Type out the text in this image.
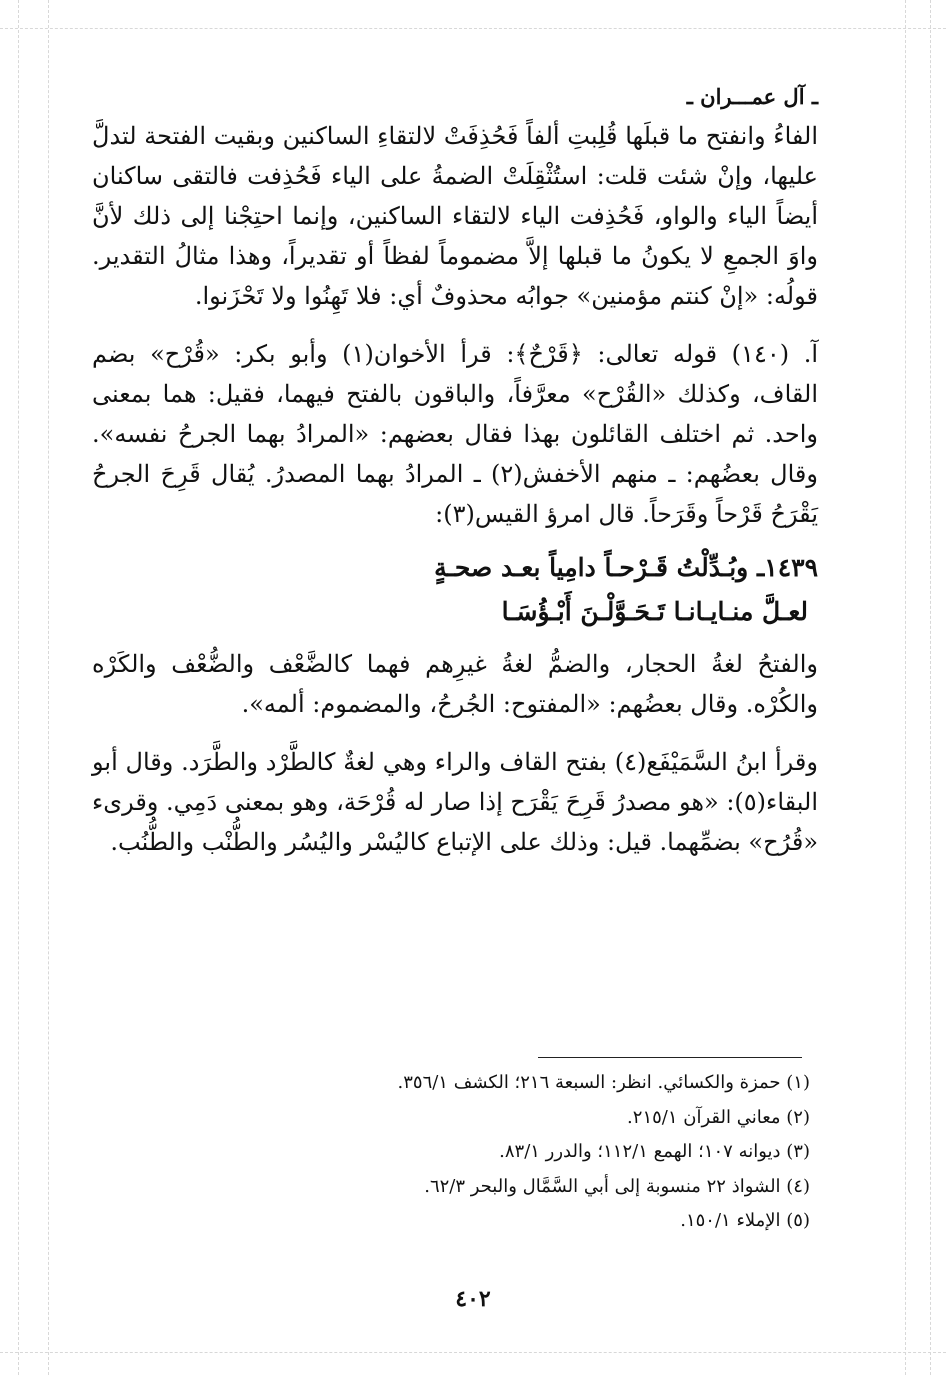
ـ آل عمـــران ـ

الفاءُ وانفتح ما قبلَها قُلِبتِ ألفاً فَحُذِفَتْ لالتقاءِ الساكنين وبقيت الفتحة لتدلَّ عليها، وإنْ شئت قلت: استُثْقِلَتْ الضمةُ على الياء فَحُذِفت فالتقى ساكنان أيضاً الياء والواو، فَحُذِفت الياء لالتقاء الساكنين، وإنما احتِجْنا إلى ذلك لأنَّ واوَ الجمعِ لا يكونُ ما قبلها إلاَّ مضموماً لفظاً أو تقديراً، وهذا مثالُ التقدير. قولُه: «إنْ كنتم مؤمنين» جوابُه محذوفٌ أي: فلا تَهِنُوا ولا تَحْزَنوا.

آ. (١٤٠) قوله تعالى: ﴿قَرْحٌ﴾: قرأ الأخوان(١) وأبو بكر: «قُرْح» بضم القاف، وكذلك «القُرْح» معرَّفاً، والباقون بالفتح فيهما، فقيل: هما بمعنى واحد. ثم اختلف القائلون بهذا فقال بعضهم: «المرادُ بهما الجرحُ نفسه». وقال بعضُهم: ـ منهم الأخفش(٢) ـ المرادُ بهما المصدرُ. يُقال قَرِحَ الجرحُ يَقْرَحُ قَرْحاً وقَرَحاً. قال امرؤ القيس(٣):

١٤٣٩ـ وبُـدِّلْتُ قَـرْحـاً دامِياً بعـد صحـةٍ
لعـلَّ منـايـانـا تَـحَـوَّلْـنَ أَبْـؤُسَـا

والفتحُ لغةُ الحجار، والضمُّ لغةُ غيرِهم فهما كالضَّعْف والضُّعْف والكَرْه والكُرْه. وقال بعضُهم: «المفتوح: الجُرحُ، والمضموم: ألمه».

وقرأ ابنُ السَّمَيْفَع(٤) بفتح القاف والراء وهي لغةٌ كالطَّرْد والطَّرَد. وقال أبو البقاء(٥): «هو مصدرُ قَرِحَ يَقْرَح إذا صار له قُرْحَة، وهو بمعنى دَمِي. وقرىء «قُرُح» بضمِّهما. قيل: وذلك على الإتباع كاليُسْر واليُسُر والطُّنْب والطُّنُب.

(١) حمزة والكسائي. انظر: السبعة ٢١٦؛ الكشف ٣٥٦/١.
(٢) معاني القرآن ٢١٥/١.
(٣) ديوانه ١٠٧؛ الهمع ١١٢/١؛ والدرر ٨٣/١.
(٤) الشواذ ٢٢ منسوبة إلى أبي السَّمَّال والبحر ٦٢/٣.
(٥) الإملاء ١٥٠/١.
٤٠٢
